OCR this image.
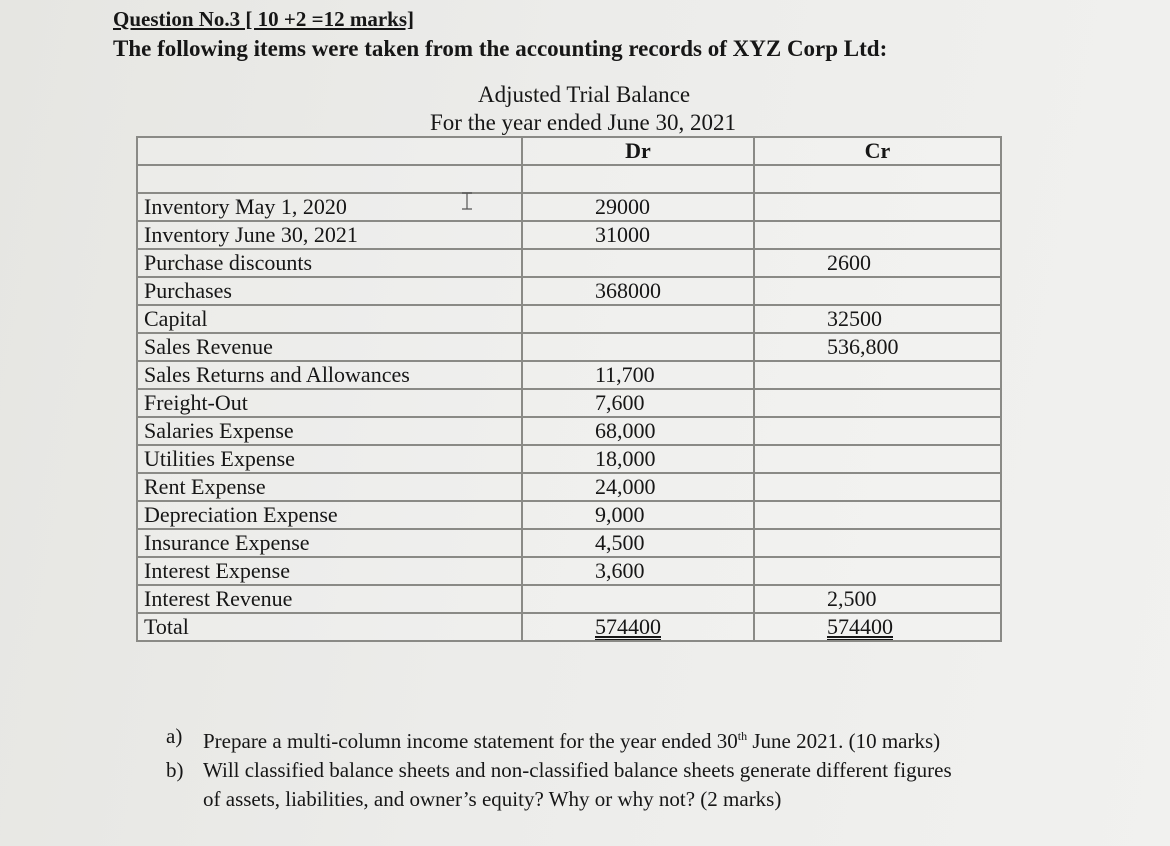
Question No.3 [ 10 +2 =12 marks]
The following items were taken from the accounting records of XYZ Corp Ltd:
Adjusted Trial Balance
For the year ended June 30, 2021
	Dr	Cr

Inventory May 1, 2020	29000	
Inventory June 30, 2021	31000	
Purchase discounts		2600
Purchases	368000	
Capital		32500
Sales Revenue		536,800
Sales Returns and Allowances	11,700	
Freight-Out	7,600	
Salaries Expense	68,000	
Utilities Expense	18,000	
Rent Expense	24,000	
Depreciation Expense	9,000	
Insurance Expense	4,500	
Interest Expense	3,600	
Interest Revenue		2,500
Total	574400	574400
a) Prepare a multi-column income statement for the year ended 30th June 2021. (10 marks)
b) Will classified balance sheets and non-classified balance sheets generate different figures
of assets, liabilities, and owner’s equity? Why or why not? (2 marks)
